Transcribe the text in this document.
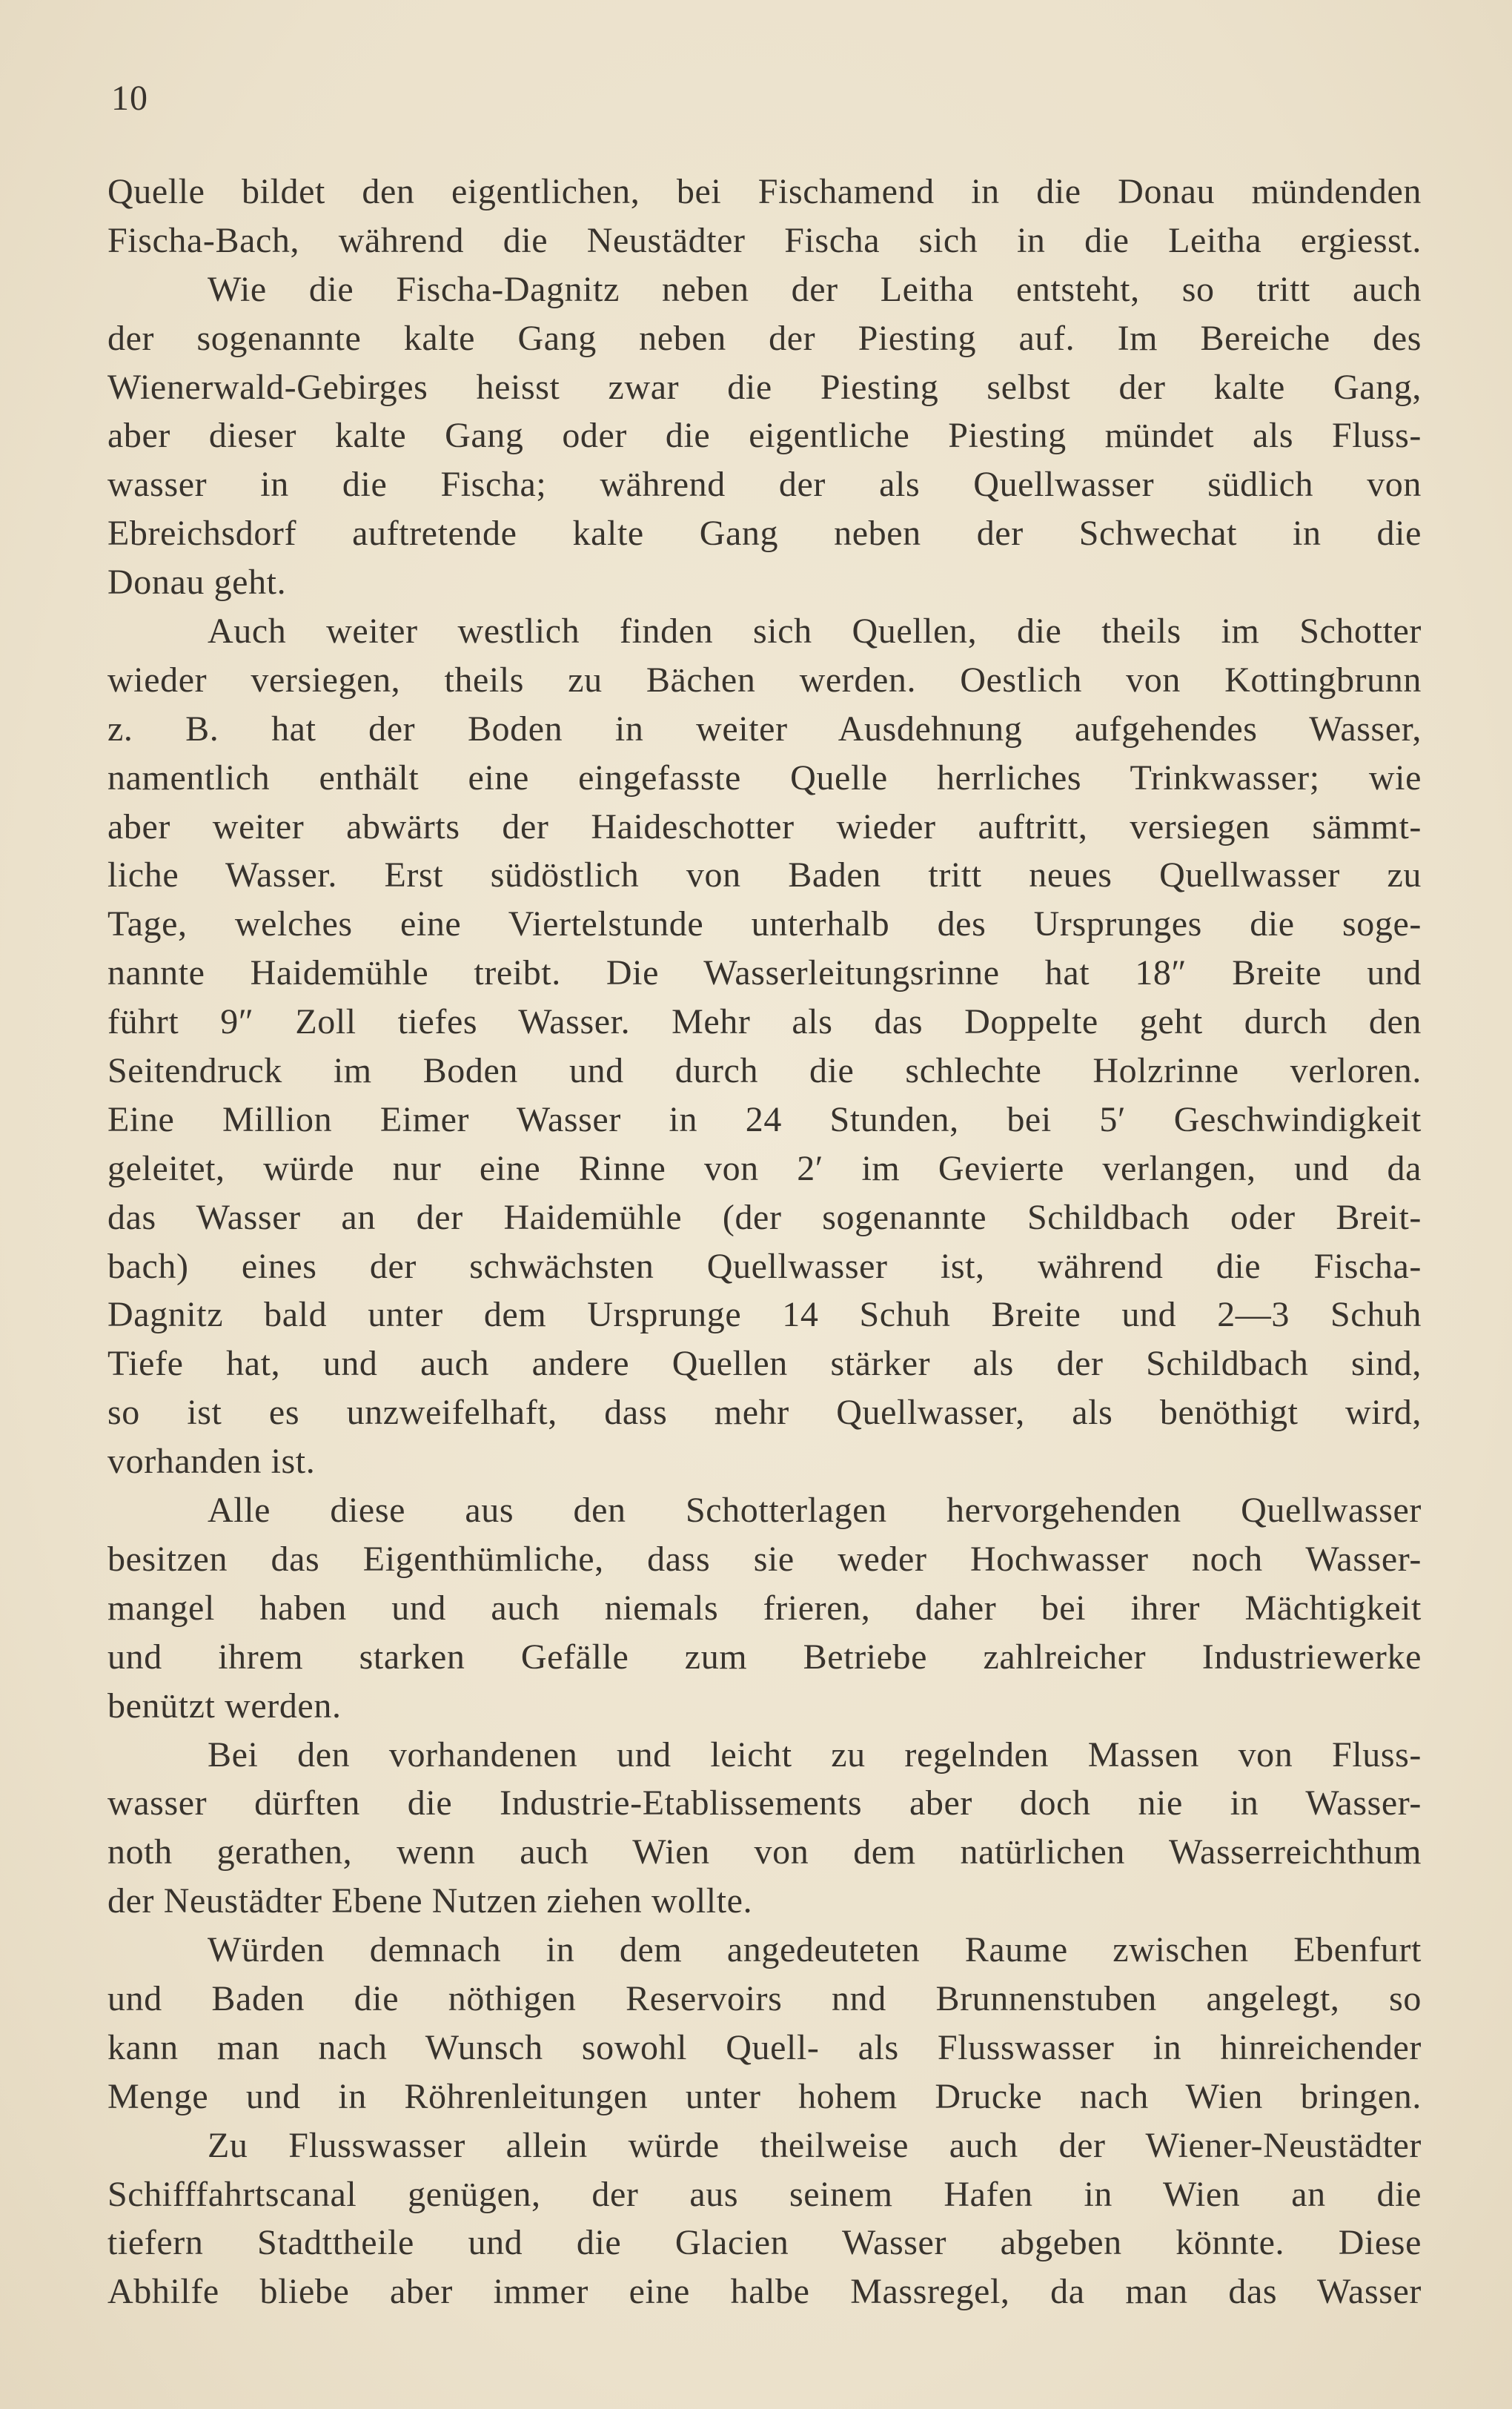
10
Quelle bildet den eigentlichen, bei Fischamend in die Donau mündenden
Fischa-Bach, während die Neustädter Fischa sich in die Leitha ergiesst.
Wie die Fischa-Dagnitz neben der Leitha entsteht, so tritt auch
der sogenannte kalte Gang neben der Piesting auf. Im Bereiche des
Wienerwald-Gebirges heisst zwar die Piesting selbst der kalte Gang,
aber dieser kalte Gang oder die eigentliche Piesting mündet als Fluss-
wasser in die Fischa; während der als Quellwasser südlich von
Ebreichsdorf auftretende kalte Gang neben der Schwechat in die
Donau geht.
Auch weiter westlich finden sich Quellen, die theils im Schotter
wieder versiegen, theils zu Bächen werden. Oestlich von Kottingbrunn
z. B. hat der Boden in weiter Ausdehnung aufgehendes Wasser,
namentlich enthält eine eingefasste Quelle herrliches Trinkwasser; wie
aber weiter abwärts der Haideschotter wieder auftritt, versiegen sämmt-
liche Wasser. Erst südöstlich von Baden tritt neues Quellwasser zu
Tage, welches eine Viertelstunde unterhalb des Ursprunges die soge-
nannte Haidemühle treibt. Die Wasserleitungsrinne hat 18″ Breite und
führt 9″ Zoll tiefes Wasser. Mehr als das Doppelte geht durch den
Seitendruck im Boden und durch die schlechte Holzrinne verloren.
Eine Million Eimer Wasser in 24 Stunden, bei 5′ Geschwindigkeit
geleitet, würde nur eine Rinne von 2′ im Gevierte verlangen, und da
das Wasser an der Haidemühle (der sogenannte Schildbach oder Breit-
bach) eines der schwächsten Quellwasser ist, während die Fischa-
Dagnitz bald unter dem Ursprunge 14 Schuh Breite und 2—3 Schuh
Tiefe hat, und auch andere Quellen stärker als der Schildbach sind,
so ist es unzweifelhaft, dass mehr Quellwasser, als benöthigt wird,
vorhanden ist.
Alle diese aus den Schotterlagen hervorgehenden Quellwasser
besitzen das Eigenthümliche, dass sie weder Hochwasser noch Wasser-
mangel haben und auch niemals frieren, daher bei ihrer Mächtigkeit
und ihrem starken Gefälle zum Betriebe zahlreicher Industriewerke
benützt werden.
Bei den vorhandenen und leicht zu regelnden Massen von Fluss-
wasser dürften die Industrie-Etablissements aber doch nie in Wasser-
noth gerathen, wenn auch Wien von dem natürlichen Wasserreichthum
der Neustädter Ebene Nutzen ziehen wollte.
Würden demnach in dem angedeuteten Raume zwischen Ebenfurt
und Baden die nöthigen Reservoirs nnd Brunnenstuben angelegt, so
kann man nach Wunsch sowohl Quell- als Flusswasser in hinreichender
Menge und in Röhrenleitungen unter hohem Drucke nach Wien bringen.
Zu Flusswasser allein würde theilweise auch der Wiener-Neustädter
Schifffahrtscanal genügen, der aus seinem Hafen in Wien an die
tiefern Stadttheile und die Glacien Wasser abgeben könnte. Diese
Abhilfe bliebe aber immer eine halbe Massregel, da man das Wasser
